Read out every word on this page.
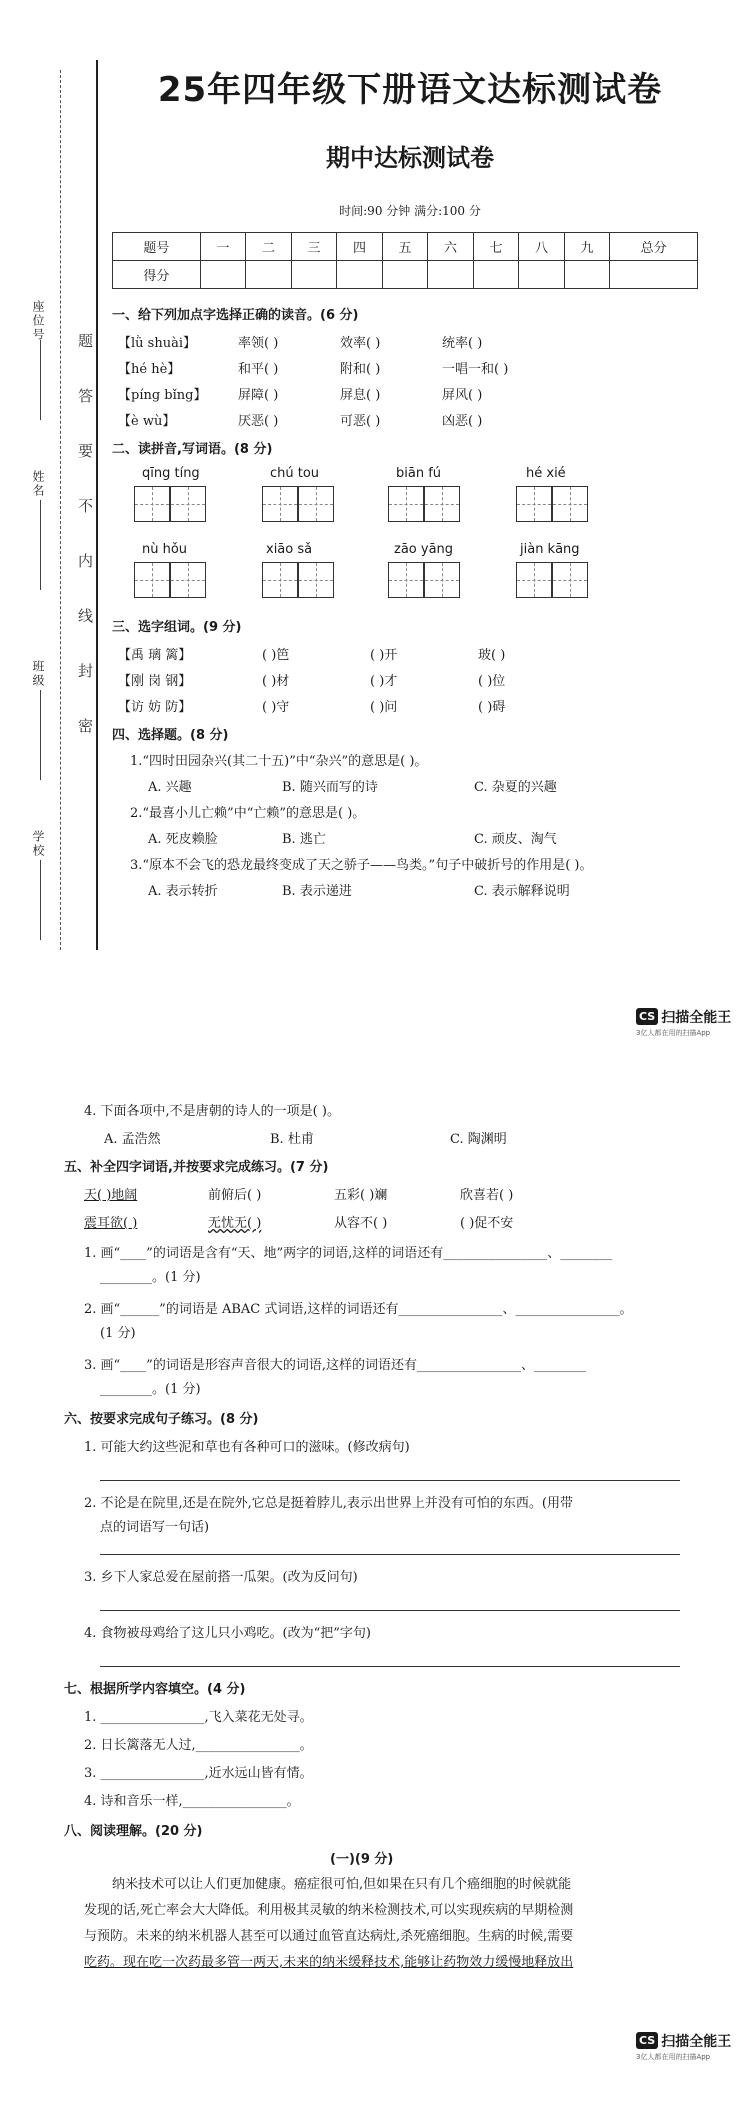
座位号
姓名
班级
学校
题
答
要
不
内
线
封
密
25年四年级下册语文达标测试卷
期中达标测试卷
时间:90 分钟 满分:100 分
题号	一	二	三	四	五	六	七	八	九	总分
得分										
一、给下列加点字选择正确的读音。(6 分)
【lǜ shuài】	率领( )	效率( )	统率( )
【hé hè】	和平( )	附和( )	一唱一和( )
【píng bǐng】 屏障( )	屏息( )	屏风( )
【è wù】	厌恶( )	可恶( )	凶恶( )
二、读拼音,写词语。(8 分)
qīng tíng	chú tou	biān fú	hé xié
nù hǒu	xiāo sǎ	zāo yāng	jiàn kāng
三、选字组词。(9 分)
【禹 璃 篱】	( )笆	( )开	玻( )
【刚 岗 钢】	( )材	( )才	( )位
【访 妨 防】	( )守	( )问	( )碍
四、选择题。(8 分)
1.“四时田园杂兴(其二十五)”中“杂兴”的意思是( )。
A. 兴趣	B. 随兴而写的诗	C. 杂夏的兴趣
2.“最喜小儿亡赖”中“亡赖”的意思是( )。
A. 死皮赖脸	B. 逃亡	C. 顽皮、淘气
3.“原本不会飞的恐龙最终变成了天之骄子——鸟类。”句子中破折号的作用是( )。
A. 表示转折	B. 表示递进	C. 表示解释说明
CS 扫描全能王
3亿人都在用的扫描App
4. 下面各项中,不是唐朝的诗人的一项是( )。
A. 孟浩然	B. 杜甫	C. 陶渊明
五、补全四字词语,并按要求完成练习。(7 分)
天( )地阔	前俯后( )	五彩( )斓	欣喜若( )
震耳欲( )	无忧无( )	从容不( )	( )促不安
1. 画“____”的词语是含有“天、地”两字的词语,这样的词语还有________________、________
________。(1 分)
2. 画“______”的词语是 ABAC 式词语,这样的词语还有________________、________________。
(1 分)
3. 画“____”的词语是形容声音很大的词语,这样的词语还有________________、________
________。(1 分)
六、按要求完成句子练习。(8 分)
1. 可能大约这些泥和草也有各种可口的滋味。(修改病句)
2. 不论是在院里,还是在院外,它总是挺着脖儿,表示出世界上并没有可怕的东西。(用带
点的词语写一句话)
3. 乡下人家总爱在屋前搭一瓜架。(改为反问句)
4. 食物被母鸡给了这儿只小鸡吃。(改为“把”字句)
七、根据所学内容填空。(4 分)
1. ________________,飞入菜花无处寻。
2. 日长篱落无人过,________________。
3. ________________,近水远山皆有情。
4. 诗和音乐一样,________________。
八、阅读理解。(20 分)
(一)(9 分)
纳米技术可以让人们更加健康。癌症很可怕,但如果在只有几个癌细胞的时候就能
发现的话,死亡率会大大降低。利用极其灵敏的纳米检测技术,可以实现疾病的早期检测
与预防。未来的纳米机器人甚至可以通过血管直达病灶,杀死癌细胞。生病的时候,需要
吃药。现在吃一次药最多管一两天,未来的纳米缓释技术,能够让药物效力缓慢地释放出
CS 扫描全能王
3亿人都在用的扫描App
